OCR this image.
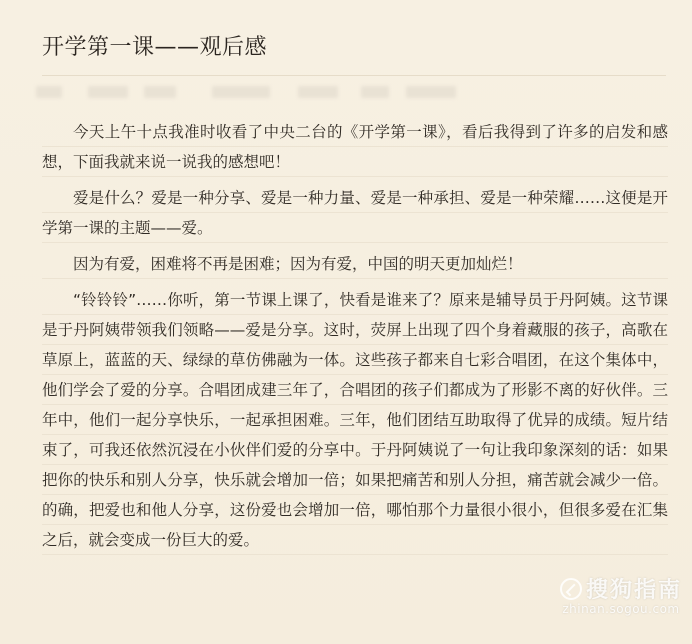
开学第一课——观后感

今天上午十点我准时收看了中央二台的《开学第一课》，看后我得到了许多的启发和感想，下面我就来说一说我的感想吧！

爱是什么？爱是一种分享、爱是一种力量、爱是一种承担、爱是一种荣耀……这便是开学第一课的主题——爱。

因为有爱，困难将不再是困难；因为有爱，中国的明天更加灿烂！

“铃铃铃”……你听，第一节课上课了，快看是谁来了？原来是辅导员于丹阿姨。这节课是于丹阿姨带领我们领略——爱是分享。这时，荧屏上出现了四个身着藏服的孩子，高歌在草原上，蓝蓝的天、绿绿的草仿佛融为一体。这些孩子都来自七彩合唱团，在这个集体中，他们学会了爱的分享。合唱团成建三年了，合唱团的孩子们都成为了形影不离的好伙伴。三年中，他们一起分享快乐，一起承担困难。三年，他们团结互助取得了优异的成绩。短片结束了，可我还依然沉浸在小伙伴们爱的分享中。于丹阿姨说了一句让我印象深刻的话：如果把你的快乐和别人分享，快乐就会增加一倍；如果把痛苦和别人分担，痛苦就会减少一倍。的确，把爱也和他人分享，这份爱也会增加一倍，哪怕那个力量很小很小，但很多爱在汇集之后，就会变成一份巨大的爱。

搜狗指南
zhinan.sogou.com
